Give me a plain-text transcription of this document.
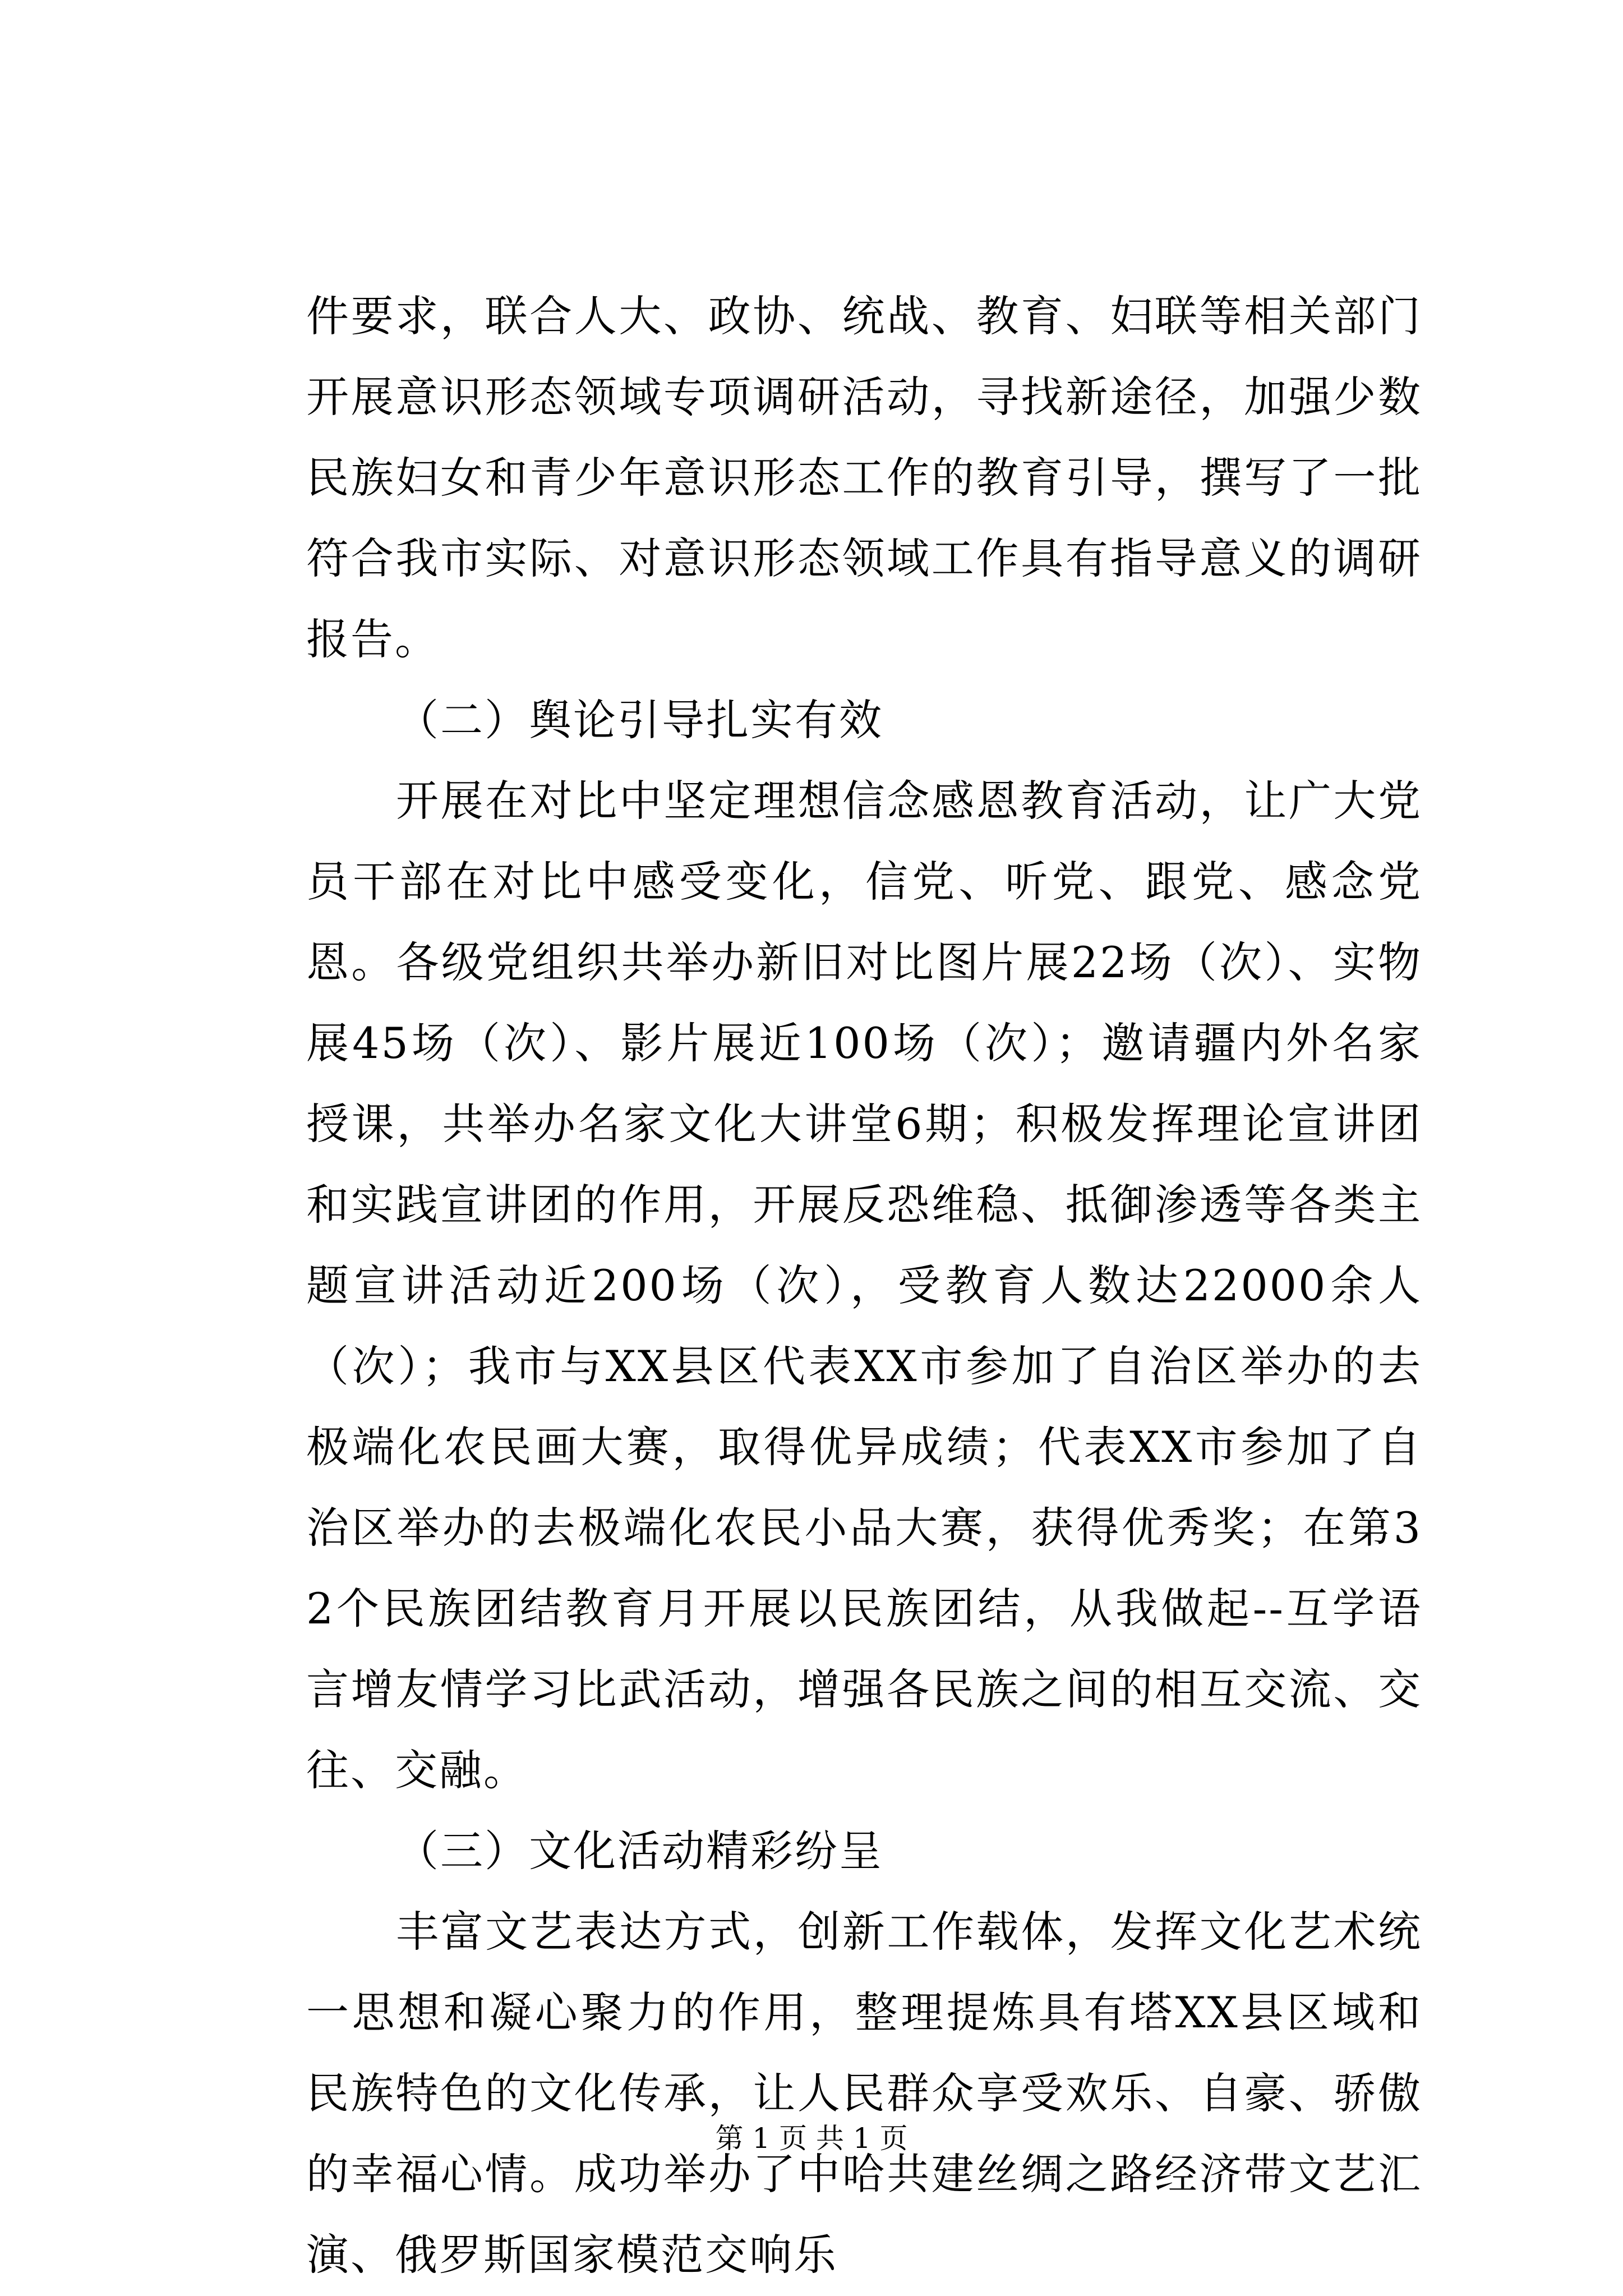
件要求，联合人大、政协、统战、教育、妇联等相关部门开展意识形态领域专项调研活动，寻找新途径，加强少数民族妇女和青少年意识形态工作的教育引导，撰写了一批符合我市实际、对意识形态领域工作具有指导意义的调研报告。

（二）舆论引导扎实有效

开展在对比中坚定理想信念感恩教育活动，让广大党员干部在对比中感受变化，信党、听党、跟党、感念党恩。各级党组织共举办新旧对比图片展22场（次）、实物展45场（次）、影片展近100场（次）；邀请疆内外名家授课，共举办名家文化大讲堂6期；积极发挥理论宣讲团和实践宣讲团的作用，开展反恐维稳、抵御渗透等各类主题宣讲活动近200场（次），受教育人数达22000余人（次）；我市与XX县区代表XX市参加了自治区举办的去极端化农民画大赛，取得优异成绩；代表XX市参加了自治区举办的去极端化农民小品大赛，获得优秀奖；在第32个民族团结教育月开展以民族团结，从我做起--互学语言增友情学习比武活动，增强各民族之间的相互交流、交往、交融。

（三）文化活动精彩纷呈

丰富文艺表达方式，创新工作载体，发挥文化艺术统一思想和凝心聚力的作用，整理提炼具有塔XX县区域和民族特色的文化传承，让人民群众享受欢乐、自豪、骄傲的幸福心情。成功举办了中哈共建丝绸之路经济带文艺汇演、俄罗斯国家模范交响乐

第 1 页 共 1 页
